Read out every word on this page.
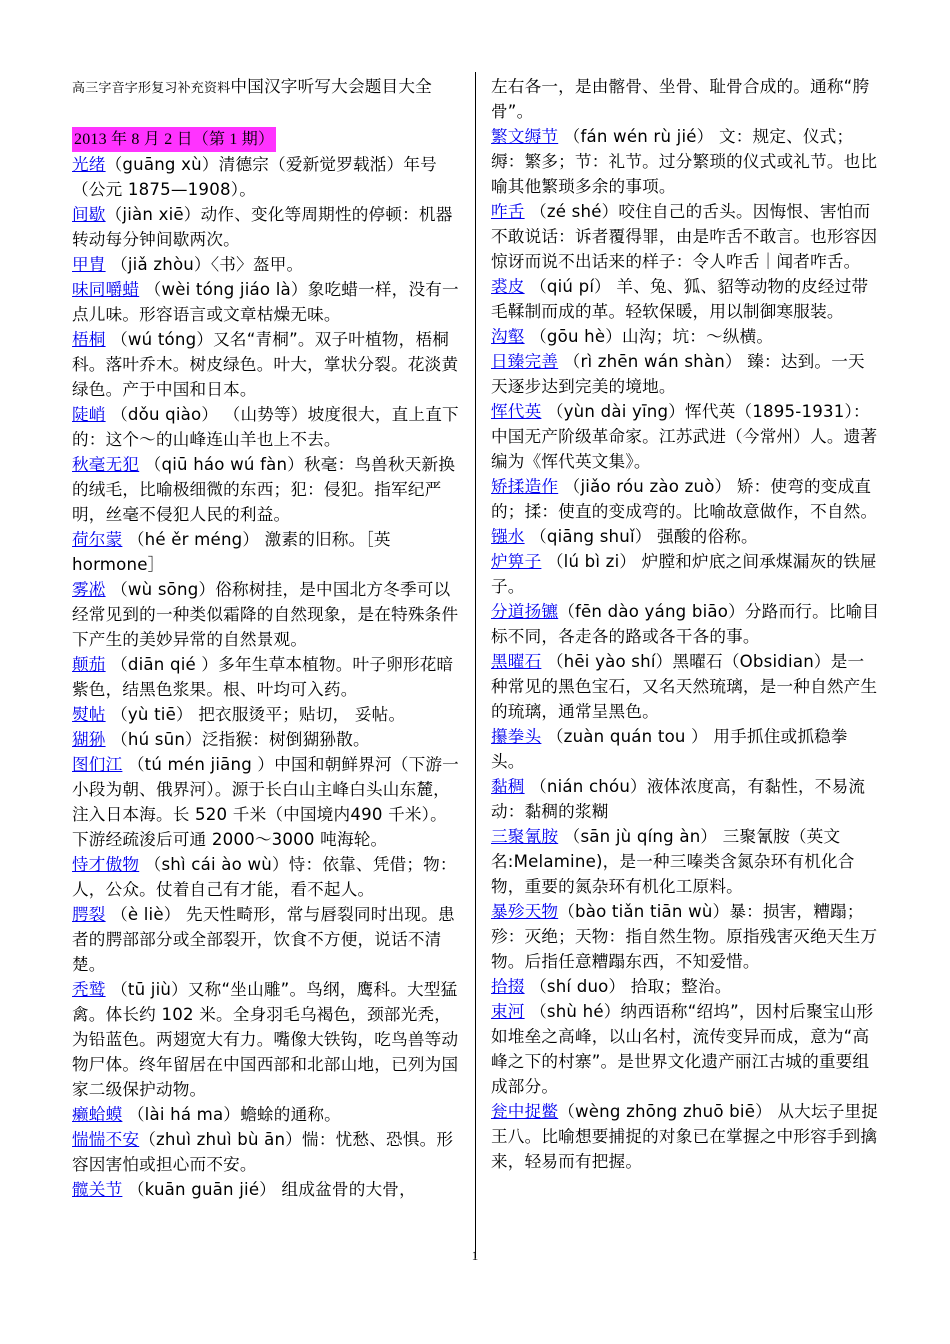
高三字音字形复习补充资料中国汉字听写大会题目大全
2013 年 8 月 2 日（第 1 期）
光绪（guāng xù）清德宗（爱新觉罗载湉）年号（公元 1875—1908）。
间歇（jiàn xiē）动作、变化等周期性的停顿：机器转动每分钟间歇两次。
甲胄 （jiǎ zhòu）〈书〉盔甲。
味同嚼蜡 （wèi tóng jiáo là）象吃蜡一样，没有一点儿味。形容语言或文章枯燥无味。
梧桐 （wú tóng）又名“青桐”。双子叶植物，梧桐科。落叶乔木。树皮绿色。叶大，掌状分裂。花淡黄绿色。产于中国和日本。
陡峭 （dǒu qiào） （山势等）坡度很大，直上直下的：这个～的山峰连山羊也上不去。
秋毫无犯 （qiū háo wú fàn）秋毫：鸟兽秋天新换的绒毛，比喻极细微的东西；犯：侵犯。指军纪严明，丝毫不侵犯人民的利益。
荷尔蒙 （hé ěr méng） 激素的旧称。［英hormone］
雾凇 （wù sōng）俗称树挂，是中国北方冬季可以经常见到的一种类似霜降的自然现象，是在特殊条件下产生的美妙异常的自然景观。
颠茄 （diān qié ）多年生草本植物。叶子卵形花暗紫色，结黑色浆果。根、叶均可入药。
熨帖 （yù tiē） 把衣服烫平；贴切， 妥帖。
猢狲 （hú sūn）泛指猴：树倒猢狲散。
图们江 （tú mén jiāng ）中国和朝鲜界河（下游一小段为朝、俄界河）。源于长白山主峰白头山东麓，注入日本海。长 520 千米（中国境内490 千米）。下游经疏浚后可通 2000～3000 吨海轮。
恃才傲物 （shì cái ào wù）恃：依靠、凭借；物：人，公众。仗着自己有才能，看不起人。
腭裂 （è liè） 先天性畸形，常与唇裂同时出现。患者的腭部部分或全部裂开，饮食不方便，说话不清楚。
秃鹫 （tū jiù）又称“坐山雕”。鸟纲，鹰科。大型猛禽。体长约 102 米。全身羽毛乌褐色，颈部光秃，为铅蓝色。两翅宽大有力。嘴像大铁钩，吃鸟兽等动物尸体。终年留居在中国西部和北部山地，已列为国家二级保护动物。
癞蛤蟆 （lài há ma）蟾蜍的通称。
惴惴不安（zhuì zhuì bù ān）惴：忧愁、恐惧。形容因害怕或担心而不安。
髋关节 （kuān guān jié） 组成盆骨的大骨，
左右各一，是由髂骨、坐骨、耻骨合成的。通称“胯骨”。
繁文缛节 （fán wén rù jié） 文：规定、仪式；缛：繁多；节：礼节。过分繁琐的仪式或礼节。也比喻其他繁琐多余的事项。
咋舌 （zé shé）咬住自己的舌头。因悔恨、害怕而不敢说话：诉者覆得罪，由是咋舌不敢言。也形容因惊讶而说不出话来的样子：令人咋舌｜闻者咋舌。
裘皮 （qiú pí） 羊、兔、狐、貂等动物的皮经过带毛鞣制而成的革。轻软保暖，用以制御寒服装。
沟壑 （gōu hè）山沟；坑：～纵横。
日臻完善 （rì zhēn wán shàn） 臻：达到。一天天逐步达到完美的境地。
恽代英 （yùn dài yīng）恽代英（1895-1931）：中国无产阶级革命家。江苏武进（今常州）人。遗著编为《恽代英文集》。
矫揉造作 （jiǎo róu zào zuò） 矫：使弯的变成直的；揉：使直的变成弯的。比喻故意做作，不自然。
镪水 （qiāng shuǐ） 强酸的俗称。
炉箅子 （lú bì zi） 炉膛和炉底之间承煤漏灰的铁屉子。
分道扬镳（fēn dào yáng biāo）分路而行。比喻目标不同，各走各的路或各干各的事。
黑曜石 （hēi yào shí）黑曜石（Obsidian）是一种常见的黑色宝石，又名天然琉璃，是一种自然产生的琉璃，通常呈黑色。
攥拳头 （zuàn quán tou ） 用手抓住或抓稳拳头。
黏稠 （nián chóu）液体浓度高，有黏性，不易流动：黏稠的浆糊
三聚氰胺 （sān jù qíng àn） 三聚氰胺（英文名:Melamine)，是一种三嗪类含氮杂环有机化合物，重要的氮杂环有机化工原料。
暴殄天物（bào tiǎn tiān wù）暴：损害，糟蹋；殄：灭绝；天物：指自然生物。原指残害灭绝天生万物。后指任意糟蹋东西，不知爱惜。
拾掇 （shí duo） 拾取；整治。
束河 （shù hé）纳西语称“绍坞”，因村后聚宝山形如堆垒之高峰，以山名村，流传变异而成，意为“高峰之下的村寨”。是世界文化遗产丽江古城的重要组成部分。
瓮中捉鳖（wèng zhōng zhuō biē） 从大坛子里捉王八。比喻想要捕捉的对象已在掌握之中形容手到擒来，轻易而有把握。
1
